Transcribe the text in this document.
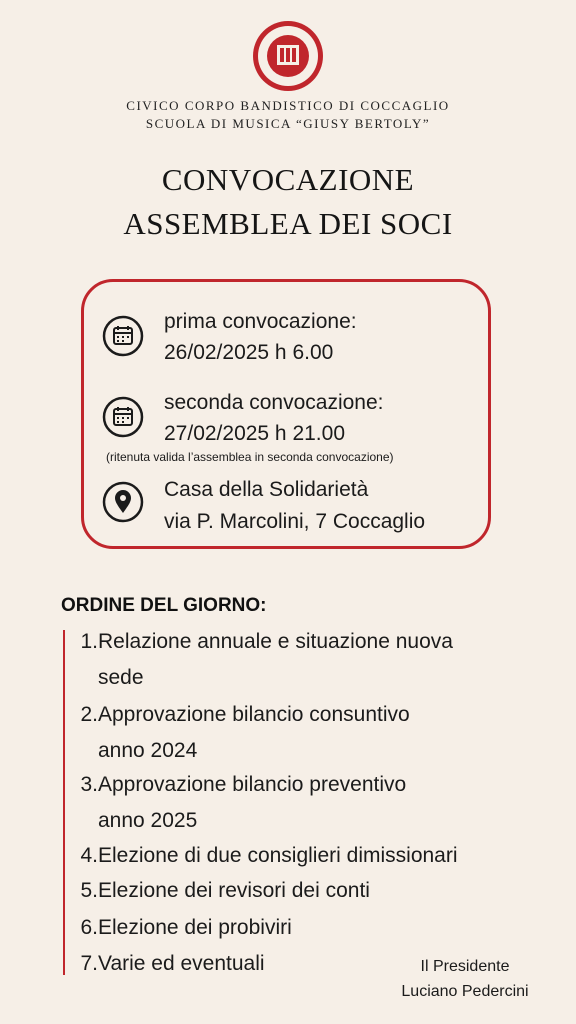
CIVICO CORPO BANDISTICO DI COCCAGLIO
SCUOLA DI MUSICA “GIUSY BERTOLY”
CONVOCAZIONE
ASSEMBLEA DEI SOCI
prima convocazione:
26/02/2025 h 6.00
seconda convocazione:
27/02/2025 h 21.00
(ritenuta valida l’assemblea in seconda convocazione)
Casa della Solidarietà
via P. Marcolini, 7 Coccaglio
ORDINE DEL GIORNO:
1.Relazione annuale e situazione nuova
sede
2.Approvazione bilancio consuntivo
anno 2024
3.Approvazione bilancio preventivo
anno 2025
4.Elezione di due consiglieri dimissionari
5.Elezione dei revisori dei conti
6.Elezione dei probiviri
7.Varie ed eventuali	Il Presidente
Luciano Pedercini
